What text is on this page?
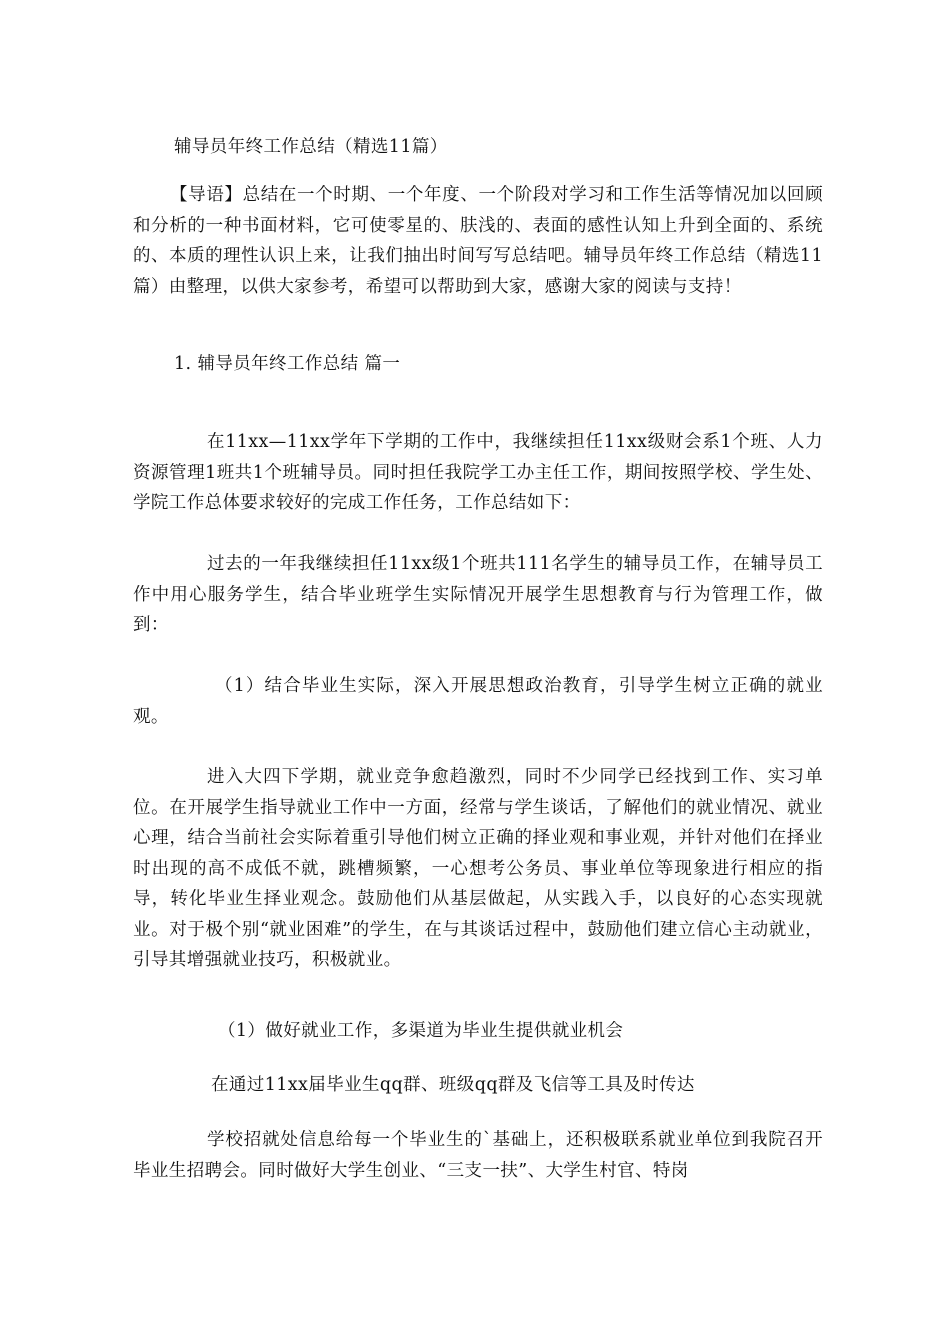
辅导员年终工作总结（精选11篇）

【导语】总结在一个时期、一个年度、一个阶段对学习和工作生活等情况加以回顾和分析的一种书面材料，它可使零星的、肤浅的、表面的感性认知上升到全面的、系统的、本质的理性认识上来，让我们抽出时间写写总结吧。辅导员年终工作总结（精选11篇）由整理，以供大家参考，希望可以帮助到大家，感谢大家的阅读与支持！

1. 辅导员年终工作总结 篇一

在11xx—11xx学年下学期的工作中，我继续担任11xx级财会系1个班、人力资源管理1班共1个班辅导员。同时担任我院学工办主任工作，期间按照学校、学生处、学院工作总体要求较好的完成工作任务，工作总结如下：

过去的一年我继续担任11xx级1个班共111名学生的辅导员工作，在辅导员工作中用心服务学生，结合毕业班学生实际情况开展学生思想教育与行为管理工作，做到：

（1）结合毕业生实际，深入开展思想政治教育，引导学生树立正确的就业观。

进入大四下学期，就业竞争愈趋激烈，同时不少同学已经找到工作、实习单位。在开展学生指导就业工作中一方面，经常与学生谈话，了解他们的就业情况、就业心理，结合当前社会实际着重引导他们树立正确的择业观和事业观，并针对他们在择业时出现的高不成低不就，跳槽频繁，一心想考公务员、事业单位等现象进行相应的指导，转化毕业生择业观念。鼓励他们从基层做起，从实践入手，以良好的心态实现就业。对于极个别“就业困难”的学生，在与其谈话过程中，鼓励他们建立信心主动就业，引导其增强就业技巧，积极就业。

（1）做好就业工作，多渠道为毕业生提供就业机会

在通过11xx届毕业生qq群、班级qq群及飞信等工具及时传达

学校招就处信息给每一个毕业生的`基础上，还积极联系就业单位到我院召开毕业生招聘会。同时做好大学生创业、“三支一扶”、大学生村官、特岗
